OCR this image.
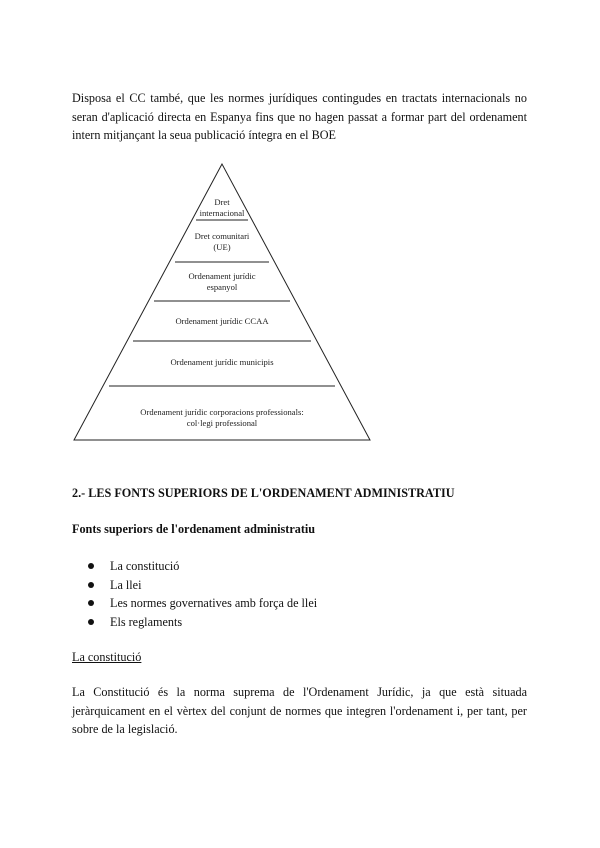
Disposa el CC també, que les normes jurídiques contingudes en tractats internacionals no seran d'aplicació directa en Espanya fins que no hagen passat a formar part del ordenament intern mitjançant la seua publicació íntegra en el BOE

Dret
internacional
Dret comunitari
(UE)
Ordenament jurídic
espanyol
Ordenament jurídic CCAA
Ordenament jurídic municipis
Ordenament jurídic corporacions professionals:
col·legi professional

2.- LES FONTS SUPERIORS DE L'ORDENAMENT ADMINISTRATIU

Fonts superiors de l'ordenament administratiu

La constitució
La llei
Les normes governatives amb força de llei
Els reglaments

La constitució

La Constitució és la norma suprema de l'Ordenament Jurídic, ja que està situada jeràrquicament en el vèrtex del conjunt de normes que integren l'ordenament i, per tant, per sobre de la legislació.
